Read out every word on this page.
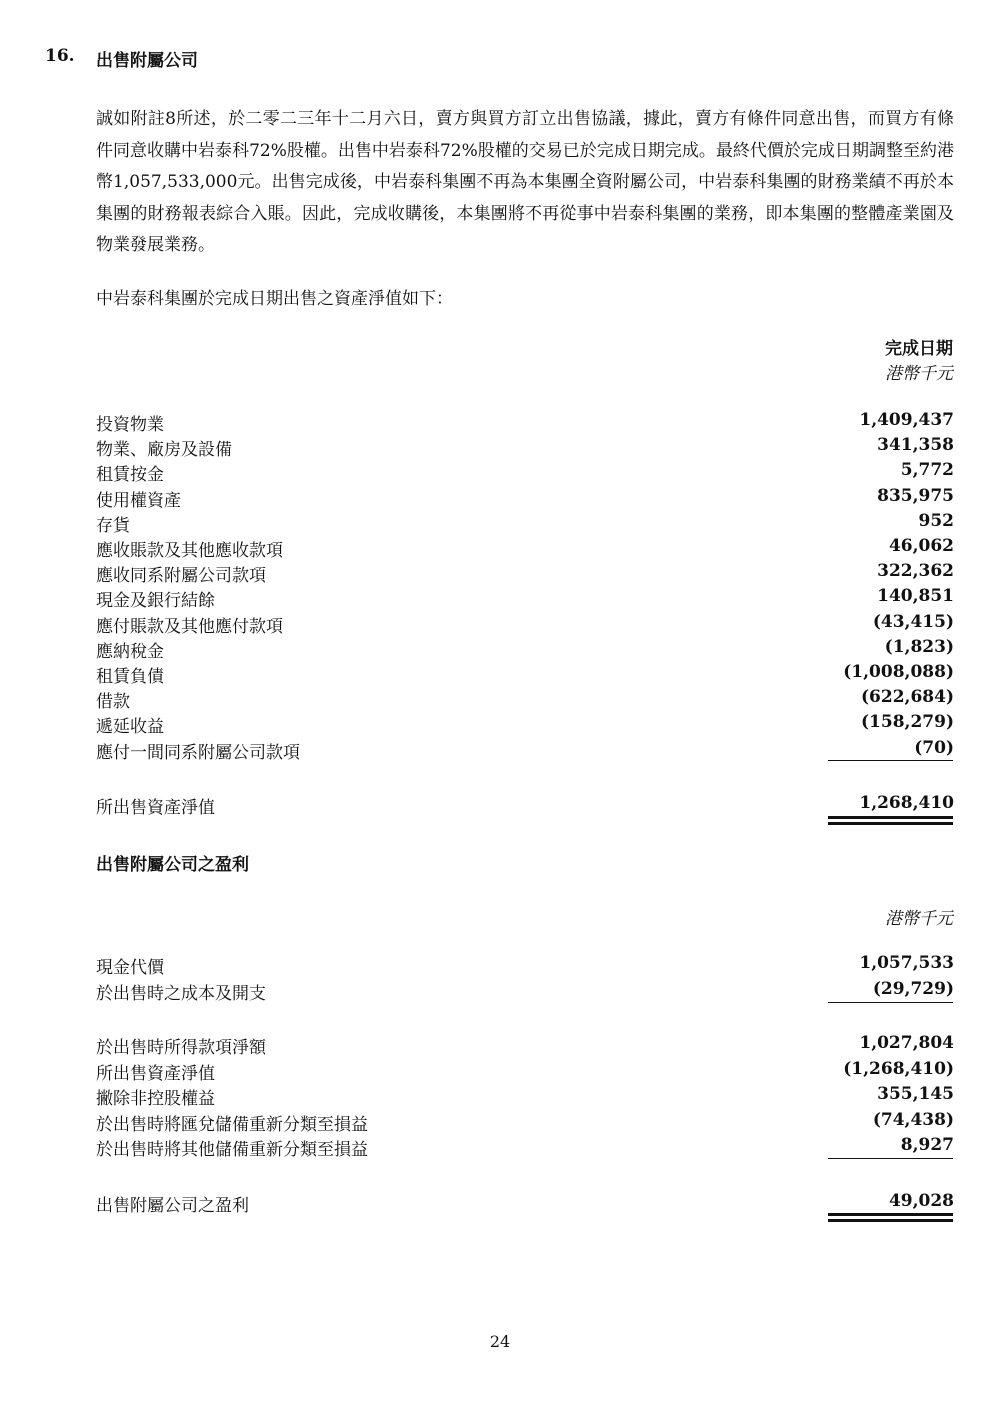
16. 出售附屬公司
誠如附註8所述，於二零二三年十二月六日，賣方與買方訂立出售協議，據此，賣方有條件同意出售，而買方有條件同意收購中岩泰科72%股權。出售中岩泰科72%股權的交易已於完成日期完成。最終代價於完成日期調整至約港幣1,057,533,000元。出售完成後，中岩泰科集團不再為本集團全資附屬公司，中岩泰科集團的財務業績不再於本集團的財務報表綜合入賬。因此，完成收購後，本集團將不再從事中岩泰科集團的業務，即本集團的整體產業園及物業發展業務。
中岩泰科集團於完成日期出售之資產淨值如下：
完成日期
港幣千元
投資物業	1,409,437
物業、廠房及設備	341,358
租賃按金	5,772
使用權資產	835,975
存貨	952
應收賬款及其他應收款項	46,062
應收同系附屬公司款項	322,362
現金及銀行結餘	140,851
應付賬款及其他應付款項	(43,415)
應納稅金	(1,823)
租賃負債	(1,008,088)
借款	(622,684)
遞延收益	(158,279)
應付一間同系附屬公司款項	(70)
所出售資產淨值	1,268,410
出售附屬公司之盈利
港幣千元
現金代價	1,057,533
於出售時之成本及開支	(29,729)
於出售時所得款項淨額	1,027,804
所出售資產淨值	(1,268,410)
撇除非控股權益	355,145
於出售時將匯兌儲備重新分類至損益	(74,438)
於出售時將其他儲備重新分類至損益	8,927
出售附屬公司之盈利	49,028
24
